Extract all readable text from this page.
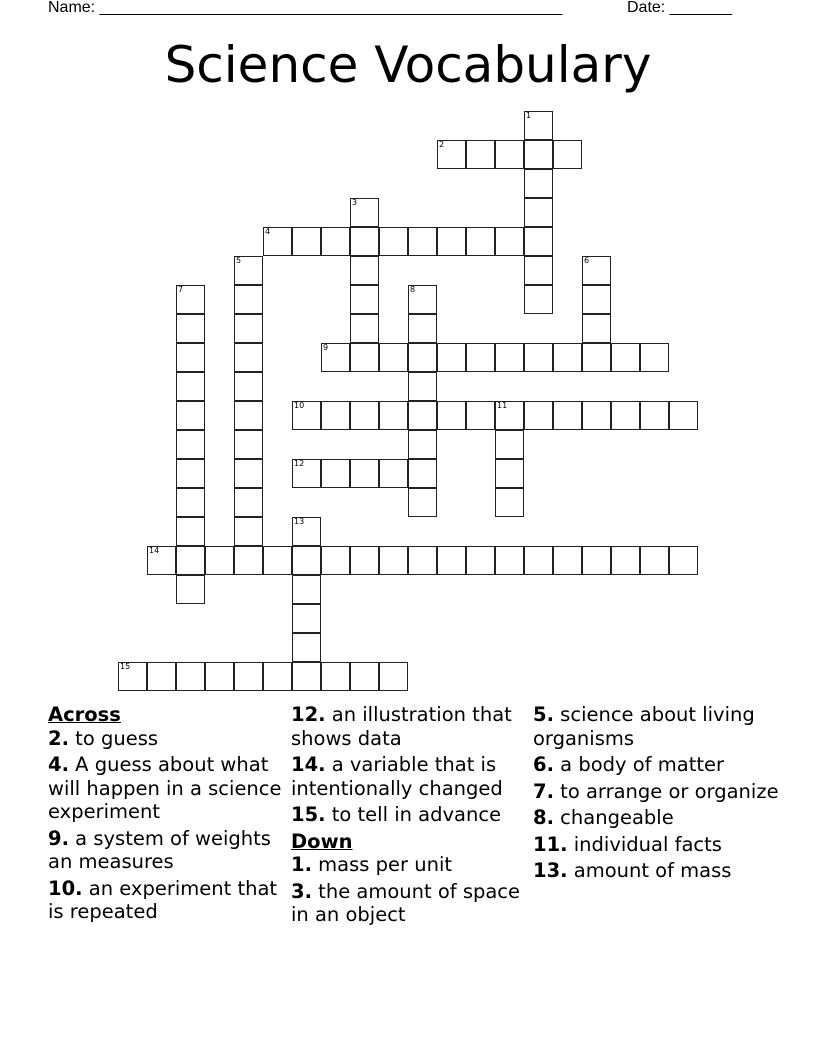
Name: ____________________________________________________	Date: _______
Science Vocabulary
1
2
3
4
5	6
7	8
9
10	11
12
13
14
15
Across
2. to guess
4. A guess about what will happen in a science experiment
9. a system of weights an measures
10. an experiment that is repeated
12. an illustration that shows data
14. a variable that is intentionally changed
15. to tell in advance
Down
1. mass per unit
3. the amount of space in an object
5. science about living organisms
6. a body of matter
7. to arrange or organize
8. changeable
11. individual facts
13. amount of mass
